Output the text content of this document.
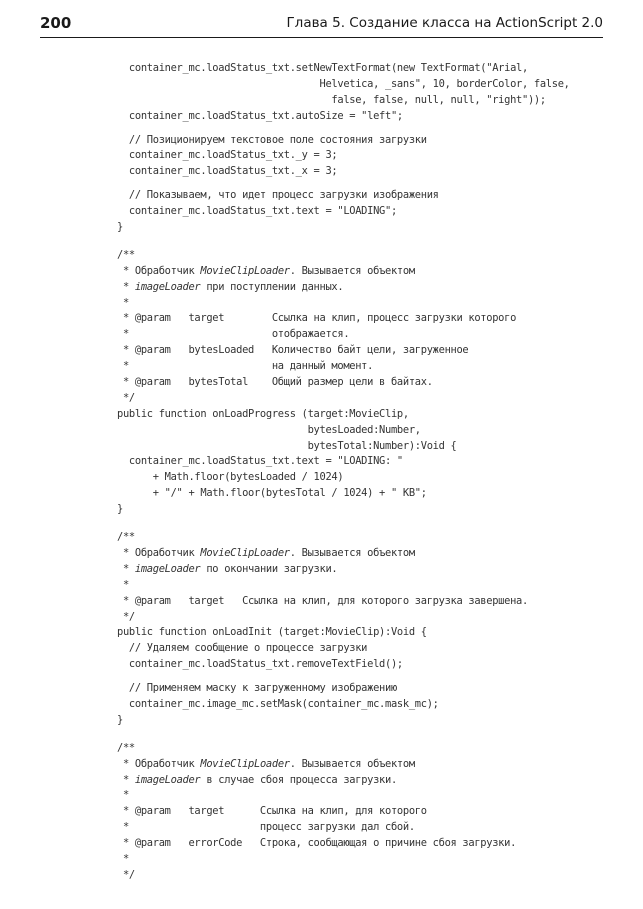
200	Глава 5. Создание класса на ActionScript 2.0
container_mc.loadStatus_txt.setNewTextFormat(new TextFormat("Arial,
Helvetica, _sans", 10, borderColor, false,
false, false, null, null, "right"));
container_mc.loadStatus_txt.autoSize = "left";
// Позиционируем текстовое поле состояния загрузки
container_mc.loadStatus_txt._y = 3;
container_mc.loadStatus_txt._x = 3;
// Показываем, что идет процесс загрузки изображения
container_mc.loadStatus_txt.text = "LOADING";
}
/**
* Обработчик MovieClipLoader. Вызывается объектом
* imageLoader при поступлении данных.
*
* @param   target        Ссылка на клип, процесс загрузки которого
*                        отображается.
* @param   bytesLoaded   Количество байт цели, загруженное
*                        на данный момент.
* @param   bytesTotal    Общий размер цели в байтах.
*/
public function onLoadProgress (target:MovieClip,
bytesLoaded:Number,
bytesTotal:Number):Void {
container_mc.loadStatus_txt.text = "LOADING: "
+ Math.floor(bytesLoaded / 1024)
+ "/" + Math.floor(bytesTotal / 1024) + " KB";
}
/**
* Обработчик MovieClipLoader. Вызывается объектом
* imageLoader по окончании загрузки.
*
* @param   target   Ссылка на клип, для которого загрузка завершена.
*/
public function onLoadInit (target:MovieClip):Void {
// Удаляем сообщение о процессе загрузки
container_mc.loadStatus_txt.removeTextField();
// Применяем маску к загруженному изображению
container_mc.image_mc.setMask(container_mc.mask_mc);
}
/**
* Обработчик MovieClipLoader. Вызывается объектом
* imageLoader в случае сбоя процесса загрузки.
*
* @param   target      Ссылка на клип, для которого
*                      процесс загрузки дал сбой.
* @param   errorCode   Строка, сообщающая о причине сбоя загрузки.
*
*/
